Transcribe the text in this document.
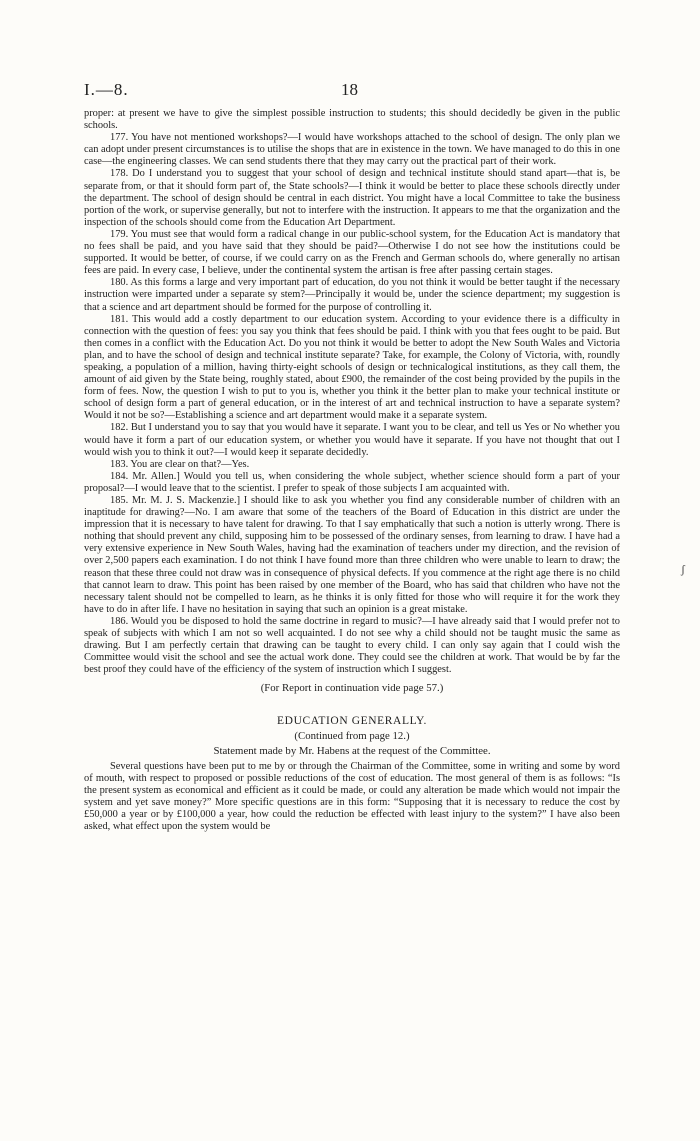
I.—8.	18
ʃ

proper: at present we have to give the simplest possible instruction to students; this should decidedly be given in the public schools.

177. You have not mentioned workshops?—I would have workshops attached to the school of design. The only plan we can adopt under present circumstances is to utilise the shops that are in existence in the town. We have managed to do this in one case—the engineering classes. We can send students there that they may carry out the practical part of their work.

178. Do I understand you to suggest that your school of design and technical institute should stand apart—that is, be separate from, or that it should form part of, the State schools?—I think it would be better to place these schools directly under the department. The school of design should be central in each district. You might have a local Committee to take the business portion of the work, or supervise generally, but not to interfere with the instruction. It appears to me that the organization and the inspection of the schools should come from the Education Art Department.

179. You must see that would form a radical change in our public-school system, for the Education Act is mandatory that no fees shall be paid, and you have said that they should be paid?—Otherwise I do not see how the institutions could be supported. It would be better, of course, if we could carry on as the French and German schools do, where generally no artisan fees are paid. In every case, I believe, under the continental system the artisan is free after passing certain stages.

180. As this forms a large and very important part of education, do you not think it would be better taught if the necessary instruction were imparted under a separate sy stem?—Principally it would be, under the science department; my suggestion is that a science and art department should be formed for the purpose of controlling it.

181. This would add a costly department to our education system. According to your evidence there is a difficulty in connection with the question of fees: you say you think that fees should be paid. I think with you that fees ought to be paid. But then comes in a conflict with the Education Act. Do you not think it would be better to adopt the New South Wales and Victoria plan, and to have the school of design and technical institute separate? Take, for example, the Colony of Victoria, with, roundly speaking, a population of a million, having thirty-eight schools of design or technicalogical institutions, as they call them, the amount of aid given by the State being, roughly stated, about £900, the remainder of the cost being provided by the pupils in the form of fees. Now, the question I wish to put to you is, whether you think it the better plan to make your technical institute or school of design form a part of general education, or in the interest of art and technical instruction to have a separate system? Would it not be so?—Establishing a science and art department would make it a separate system.

182. But I understand you to say that you would have it separate. I want you to be clear, and tell us Yes or No whether you would have it form a part of our education system, or whether you would have it separate. If you have not thought that out I would wish you to think it out?—I would keep it separate decidedly.

183. You are clear on that?—Yes.

184. Mr. Allen.] Would you tell us, when considering the whole subject, whether science should form a part of your proposal?—I would leave that to the scientist. I prefer to speak of those subjects I am acquainted with.

185. Mr. M. J. S. Mackenzie.] I should like to ask you whether you find any considerable number of children with an inaptitude for drawing?—No. I am aware that some of the teachers of the Board of Education in this district are under the impression that it is necessary to have talent for drawing. To that I say emphatically that such a notion is utterly wrong. There is nothing that should prevent any child, supposing him to be possessed of the ordinary senses, from learning to draw. I have had a very extensive experience in New South Wales, having had the examination of teachers under my direction, and the revision of over 2,500 papers each examination. I do not think I have found more than three children who were unable to learn to draw; the reason that these three could not draw was in consequence of physical defects. If you commence at the right age there is no child that cannot learn to draw. This point has been raised by one member of the Board, who has said that children who have not the necessary talent should not be compelled to learn, as he thinks it is only fitted for those who will require it for the work they have to do in after life. I have no hesitation in saying that such an opinion is a great mistake.

186. Would you be disposed to hold the same doctrine in regard to music?—I have already said that I would prefer not to speak of subjects with which I am not so well acquainted. I do not see why a child should not be taught music the same as drawing. But I am perfectly certain that drawing can be taught to every child. I can only say again that I could wish the Committee would visit the school and see the actual work done. They could see the children at work. That would be by far the best proof they could have of the efficiency of the system of instruction which I suggest.

(For Report in continuation vide page 57.)

EDUCATION GENERALLY.
(Continued from page 12.)
Statement made by Mr. Habens at the request of the Committee.

Several questions have been put to me by or through the Chairman of the Committee, some in writing and some by word of mouth, with respect to proposed or possible reductions of the cost of education. The most general of them is as follows: “Is the present system as economical and efficient as it could be made, or could any alteration be made which would not impair the system and yet save money?” More specific questions are in this form: “Supposing that it is necessary to reduce the cost by £50,000 a year or by £100,000 a year, how could the reduction be effected with least injury to the system?” I have also been asked, what effect upon the system would be
